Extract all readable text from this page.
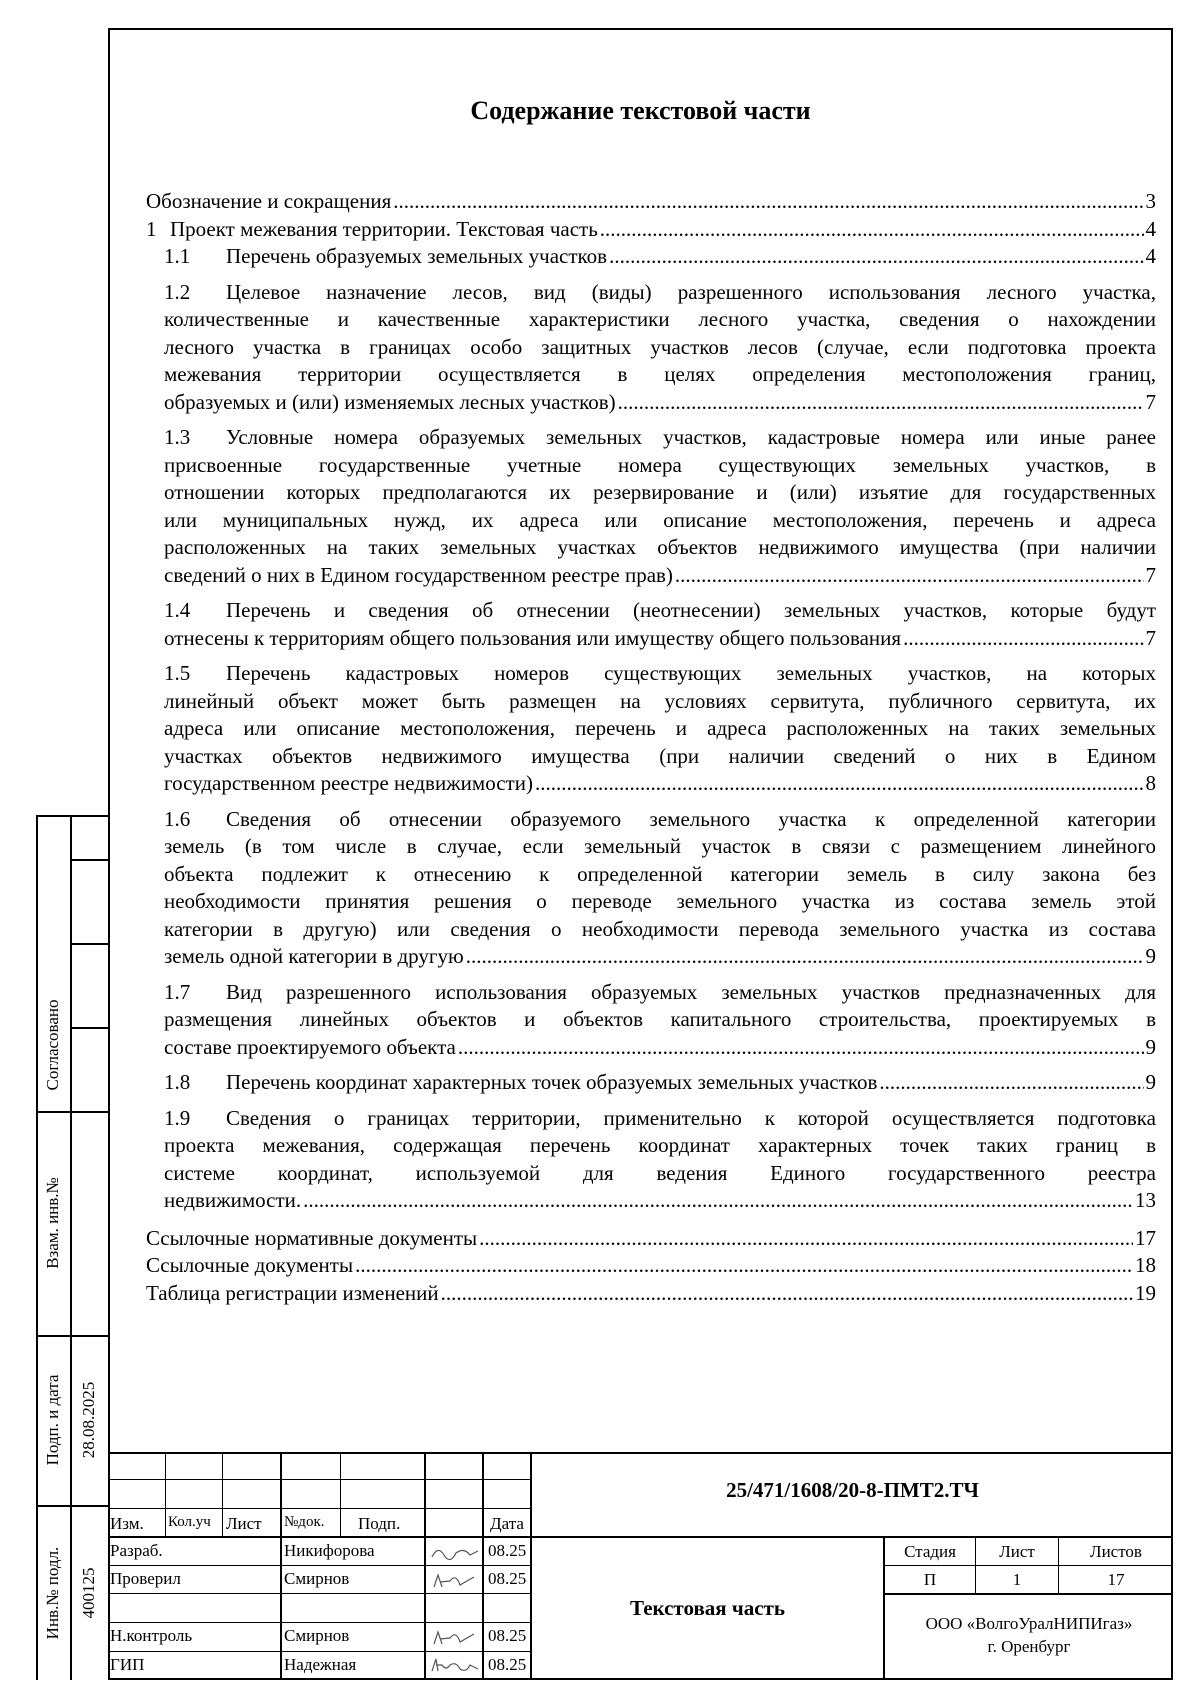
Согласовано
Взам. инв.№
Подп. и дата 28.08.2025
Инв.№ подл. 400125
Содержание текстовой части
Обозначение и сокращения .....	3
1 Проект межевания территории. Текстовая часть .....	4
1.1 Перечень образуемых земельных участков .....	4
1.2 Целевое назначение лесов, вид (виды) разрешенного использования лесного участка,
количественные и качественные характеристики лесного участка, сведения о нахождении
лесного участка в границах особо защитных участков лесов (случае, если подготовка проекта
межевания территории осуществляется в целях определения местоположения границ,
образуемых и (или) изменяемых лесных участков) .....	7
1.3 Условные номера образуемых земельных участков, кадастровые номера или иные ранее
присвоенные государственные учетные номера существующих земельных участков, в
отношении которых предполагаются их резервирование и (или) изъятие для государственных
или муниципальных нужд, их адреса или описание местоположения, перечень и адреса
расположенных на таких земельных участках объектов недвижимого имущества (при наличии
сведений о них в Едином государственном реестре прав) .....	7
1.4 Перечень и сведения об отнесении (неотнесении) земельных участков, которые будут
отнесены к территориям общего пользования или имуществу общего пользования .....	7
1.5 Перечень кадастровых номеров существующих земельных участков, на которых
линейный объект может быть размещен на условиях сервитута, публичного сервитута, их
адреса или описание местоположения, перечень и адреса расположенных на таких земельных
участках объектов недвижимого имущества (при наличии сведений о них в Едином
государственном реестре недвижимости) .....	8
1.6 Сведения об отнесении образуемого земельного участка к определенной категории
земель (в том числе в случае, если земельный участок в связи с размещением линейного
объекта подлежит к отнесению к определенной категории земель в силу закона без
необходимости принятия решения о переводе земельного участка из состава земель этой
категории в другую) или сведения о необходимости перевода земельного участка из состава
земель одной категории в другую .....	9
1.7 Вид разрешенного использования образуемых земельных участков предназначенных для
размещения линейных объектов и объектов капитального строительства, проектируемых в
составе проектируемого объекта .....	9
1.8 Перечень координат характерных точек образуемых земельных участков .....	9
1.9 Сведения о границах территории, применительно к которой осуществляется подготовка
проекта межевания, содержащая перечень координат характерных точек таких границ в
системе координат, используемой для ведения Единого государственного реестра
недвижимости. .....	13
Ссылочные нормативные документы .....	17
Ссылочные документы .....	18
Таблица регистрации изменений .....	19
Изм. Кол.уч Лист №док. Подп.	Дата
25/471/1608/20-8-ПМТ2.ТЧ
Текстовая часть
Стадия	Лист	Листов
П	1	17
ООО «ВолгоУралНИПИгаз»
г. Оренбург
Разраб.	Никифорова	08.25
Проверил	Смирнов	08.25
Н.контроль	Смирнов	08.25
ГИП	Надежная	08.25
